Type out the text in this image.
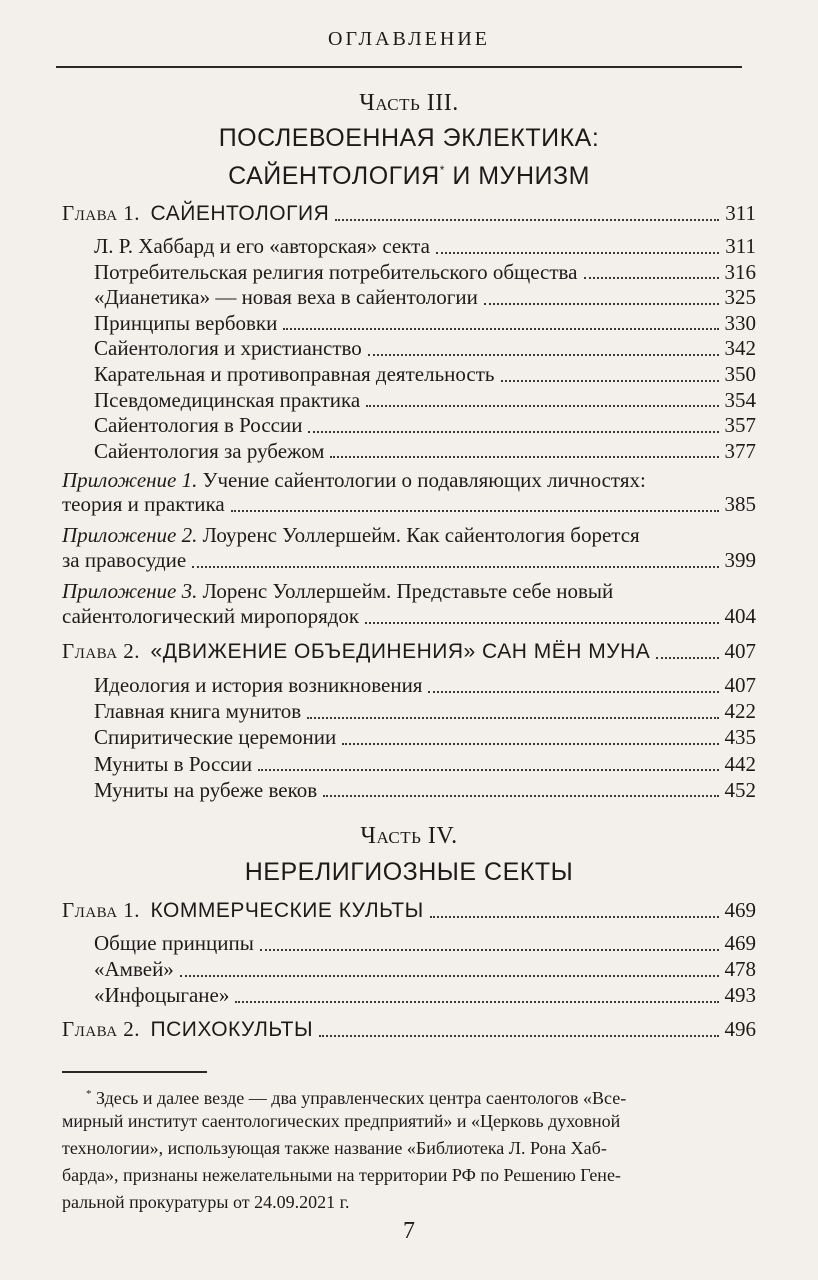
ОГЛАВЛЕНИЕ
Часть III.
ПОСЛЕВОЕННАЯ ЭКЛЕКТИКА:
САЙЕНТОЛОГИЯ* И МУНИЗМ
Глава 1. САЙЕНТОЛОГИЯ	311
Л. Р. Хаббард и его «авторская» секта	311
Потребительская религия потребительского общества	316
«Дианетика» — новая веха в сайентологии	325
Принципы вербовки	330
Сайентология и христианство	342
Карательная и противоправная деятельность	350
Псевдомедицинская практика	354
Сайентология в России	357
Сайентология за рубежом	377
Приложение 1. Учение сайентологии о подавляющих личностях:
теория и практика	385
Приложение 2. Лоуренс Уоллершейм. Как сайентология борется
за правосудие	399
Приложение 3. Лоренс Уоллершейм. Представьте себе новый
сайентологический миропорядок	404
Глава 2. «ДВИЖЕНИЕ ОБЪЕДИНЕНИЯ» САН МЁН МУНА	407
Идеология и история возникновения	407
Главная книга мунитов	422
Спиритические церемонии	435
Муниты в России	442
Муниты на рубеже веков	452
Часть IV.
НЕРЕЛИГИОЗНЫЕ СЕКТЫ
Глава 1. КОММЕРЧЕСКИЕ КУЛЬТЫ	469
Общие принципы	469
«Амвей»	478
«Инфоцыгане»	493
Глава 2. ПСИХОКУЛЬТЫ	496
* Здесь и далее везде — два управленческих центра саентологов «Все-
мирный институт саентологических предприятий» и «Церковь духовной
технологии», использующая также название «Библиотека Л. Рона Хаб-
барда», признаны нежелательными на территории РФ по Решению Гене-
ральной прокуратуры от 24.09.2021 г.
7
